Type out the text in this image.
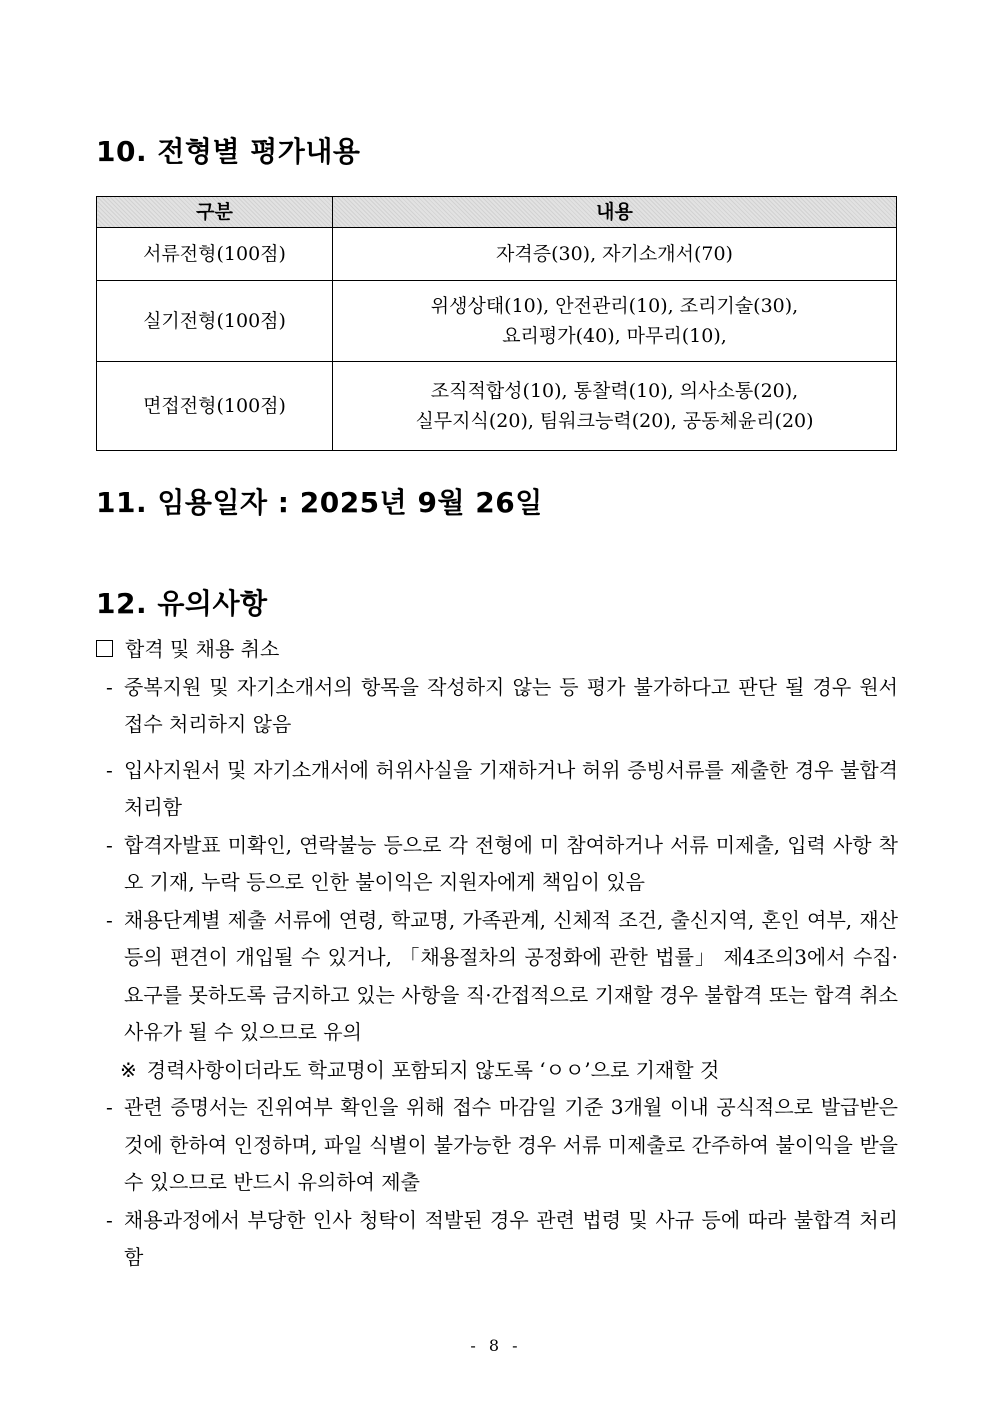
10. 전형별 평가내용
구분	내용
서류전형(100점)	자격증(30), 자기소개서(70)

실기전형(100점)	위생상태(10), 안전관리(10), 조리기술(30),
요리평가(40), 마무리(10),

면접전형(100점)	조직적합성(10), 통찰력(10), 의사소통(20),
실무지식(20), 팀워크능력(20), 공동체윤리(20)
11. 임용일자 : 2025년 9월 26일
12. 유의사항
합격 및 채용 취소
- 중복지원 및 자기소개서의 항목을 작성하지 않는 등 평가 불가하다고 판단 될 경우 원서 접수 처리하지 않음
- 입사지원서 및 자기소개서에 허위사실을 기재하거나 허위 증빙서류를 제출한 경우 불합격 처리함
- 합격자발표 미확인, 연락불능 등으로 각 전형에 미 참여하거나 서류 미제출, 입력 사항 착오 기재, 누락 등으로 인한 불이익은 지원자에게 책임이 있음
- 채용단계별 제출 서류에 연령, 학교명, 가족관계, 신체적 조건, 출신지역, 혼인 여부, 재산 등의 편견이 개입될 수 있거나, 「채용절차의 공정화에 관한 법률」 제4조의3에서 수집·요구를 못하도록 금지하고 있는 사항을 직·간접적으로 기재할 경우 불합격 또는 합격 취소 사유가 될 수 있으므로 유의
※ 경력사항이더라도 학교명이 포함되지 않도록 ‘ㅇㅇ’으로 기재할 것
- 관련 증명서는 진위여부 확인을 위해 접수 마감일 기준 3개월 이내 공식적으로 발급받은 것에 한하여 인정하며, 파일 식별이 불가능한 경우 서류 미제출로 간주하여 불이익을 받을 수 있으므로 반드시 유의하여 제출
- 채용과정에서 부당한 인사 청탁이 적발된 경우 관련 법령 및 사규 등에 따라 불합격 처리함
- 8 -
